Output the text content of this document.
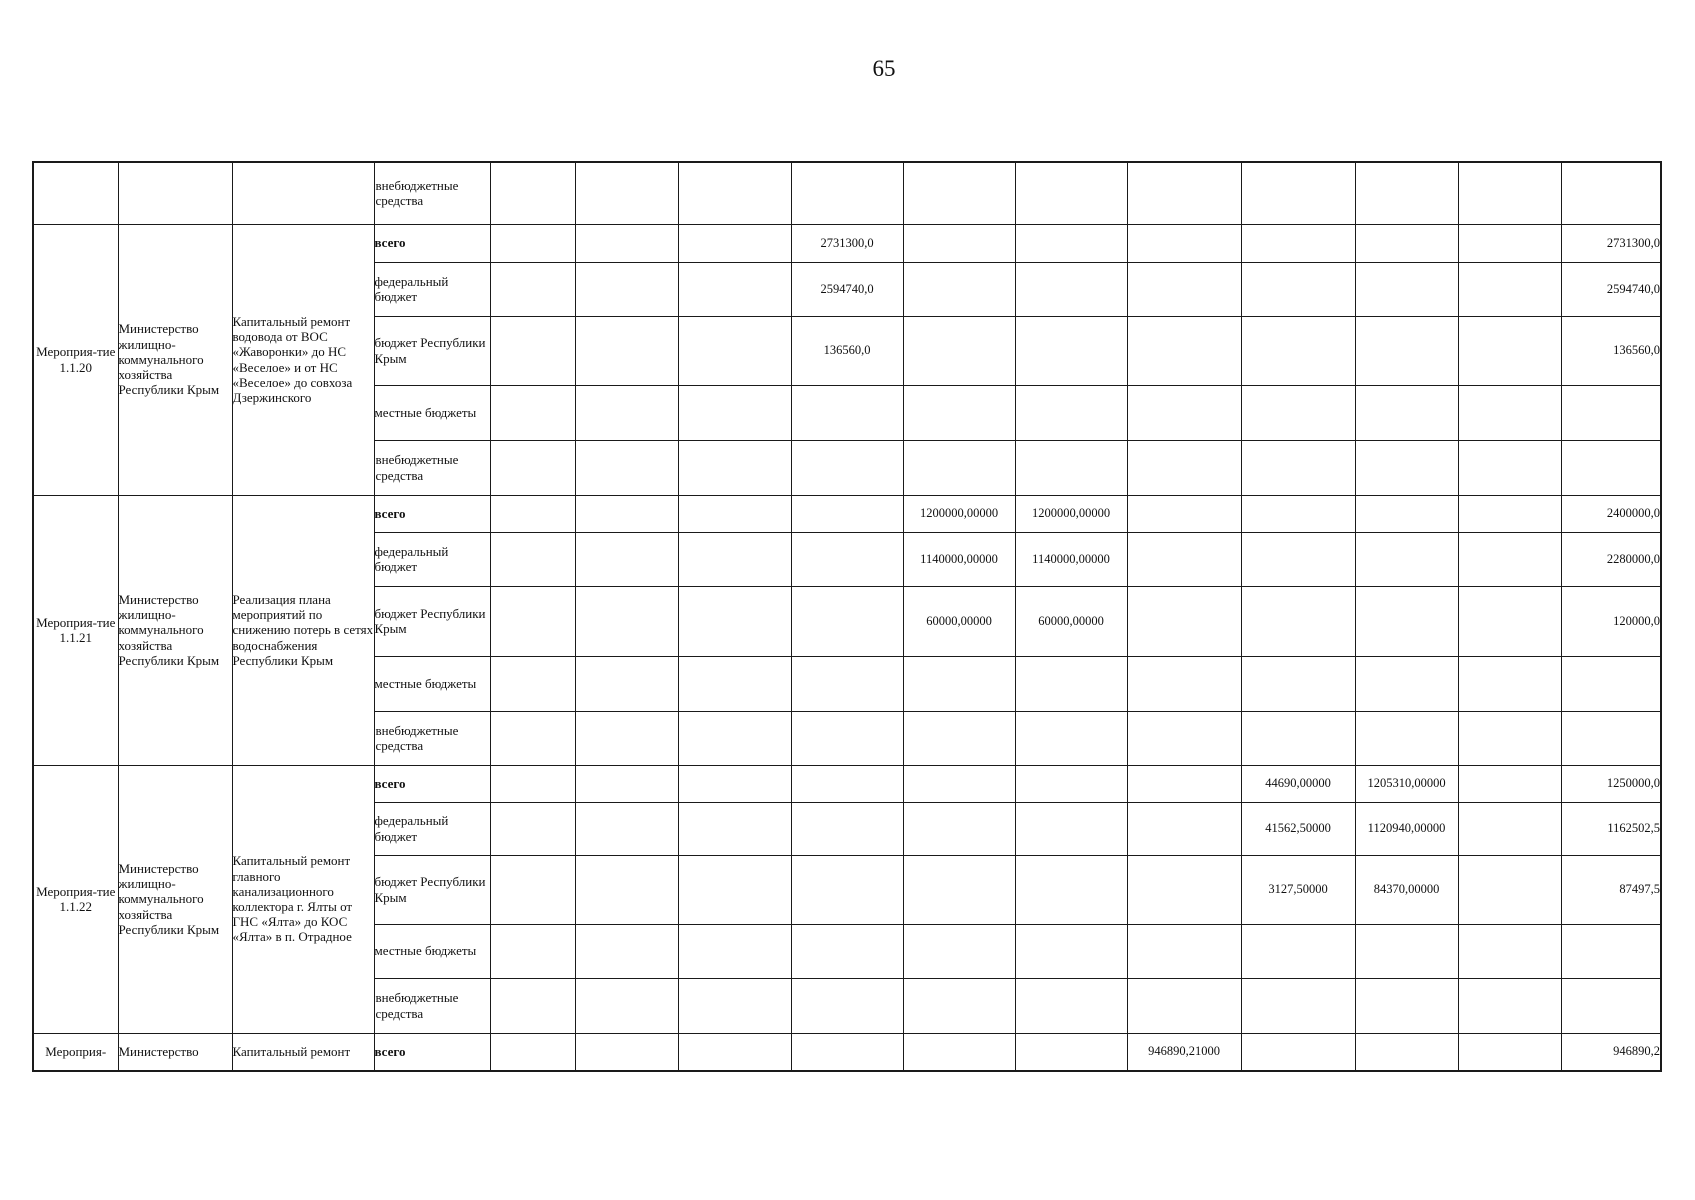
65
			внебюджетные средства											
Мероприя-тие 1.1.20	Министерство жилищно-коммунального хозяйства Республики Крым	Капитальный ремонт водовода от ВОС «Жаворонки» до НС «Веселое» и от НС «Веселое» до совхоза Дзержинского	всего				2731300,0							2731300,0
			федеральный бюджет				2594740,0							2594740,0
			бюджет Республики Крым				136560,0							136560,0
			местные бюджеты											
			внебюджетные средства											
Мероприя-тие 1.1.21	Министерство жилищно-коммунального хозяйства Республики Крым	Реализация плана мероприятий по снижению потерь в сетях водоснабжения Республики Крым	всего					1200000,00000	1200000,00000					2400000,0
			федеральный бюджет					1140000,00000	1140000,00000					2280000,0
			бюджет Республики Крым					60000,00000	60000,00000					120000,0
			местные бюджеты											
			внебюджетные средства											
Мероприя-тие 1.1.22	Министерство жилищно-коммунального хозяйства Республики Крым	Капитальный ремонт главного канализационного коллектора г. Ялты от ГНС «Ялта» до КОС «Ялта» в п. Отрадное	всего								44690,00000	1205310,00000		1250000,0
			федеральный бюджет								41562,50000	1120940,00000		1162502,5
			бюджет Республики Крым								3127,50000	84370,00000		87497,5
			местные бюджеты											
			внебюджетные средства											
Мероприя-	Министерство	Капитальный ремонт	всего							946890,21000				946890,2
